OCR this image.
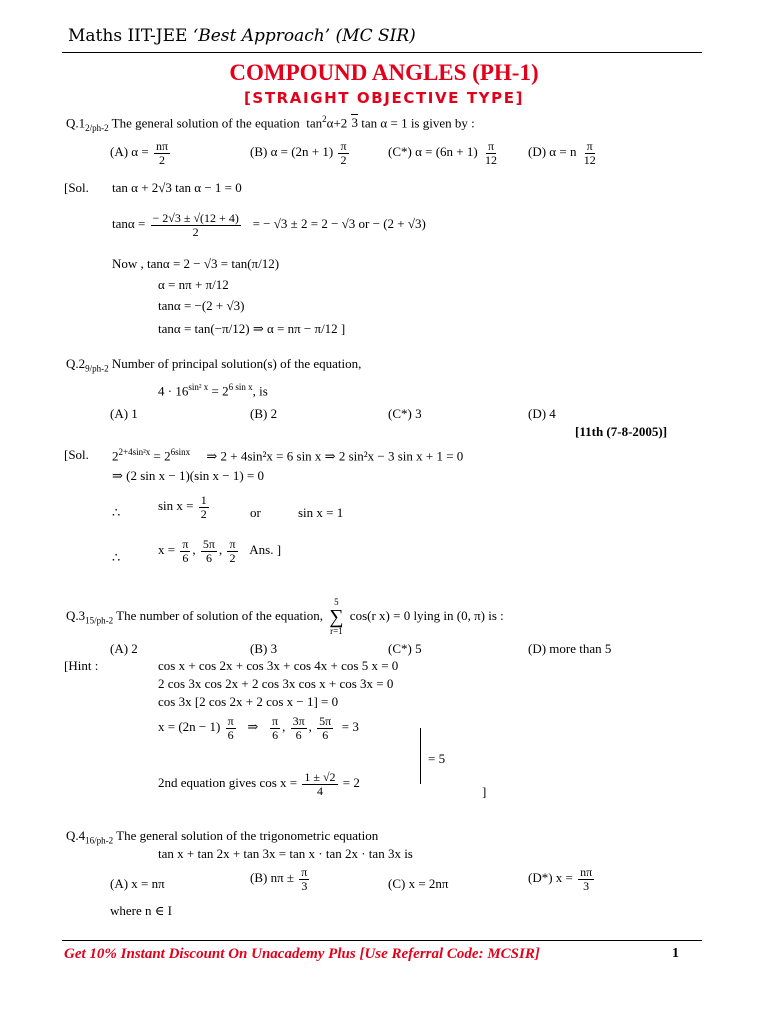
Maths IIT-JEE ‘Best Approach’ (MC SIR)
COMPOUND ANGLES (PH-1)
[STRAIGHT OBJECTIVE TYPE]
$Q.1_{2/ph-2}$ The general solution of the equation  $\tan^2\alpha+2$ 3 tan α = 1 is given by :
(A) $\alpha = \frac{n\pi}{2}$	(B) $\alpha = (2n + 1) \frac{\pi}{2}$	(C*) $\alpha = (6n + 1) \frac{\pi}{12} (D) \alpha = n \frac{\pi}{12}$
[Sol. tan α + 2√3 tan α − 1 = 0
$\tan\alpha = \frac{- 2√3 \pm √(12 + 4)}{2}$ = − √3 ± 2 = 2 − √3 or − (2 + √3)
Now , tanα = 2 − √3 = tan(π/12)
α = nπ + π/12
tanα = −(2 + √3)
tanα = tan(−π/12) ⇒ α = nπ − π/12 ]
$Q.2_{9/ph-2}$ Number of principal solution(s) of the equation,
$4 \cdot 16^{sin^2 x} = 2^{6 sin x}$, is
(A) 1	(B) 2	(C*) 3	(D) 4
[11th (7-8-2005)]
[Sol. $2^{2+4sin^2x} = 2^{6sinx}$ ⇒ 2 + 4sin²x = 6 sin x ⇒ 2 sin²x − 3 sin x + 1 = 0
⇒ (2 sin x − 1)(sin x − 1) = 0
∴	$\sin x = \frac{1}{2}$	or	sin x = 1
∴
$x = \frac{\pi}{6}$ , $\frac{5\pi}{6}$ , $\frac{\pi}{2}$ Ans. ]
$Q.3_{15/ph-2}$ The number of solution of the equation,
5
∑
r=1
cos(r x) = 0 lying in (0, π) is :
(A) 2	(B) 3	(C*) 5	(D) more than 5
[Hint :	cos x + cos 2x + cos 3x + cos 4x + cos 5 x = 0
2 cos 3x cos 2x + 2 cos 3x cos x + cos 3x = 0
cos 3x [2 cos 2x + 2 cos x − 1] = 0
$x = (2n - 1) \frac{\pi}{6}$ ⇒ $\frac{\pi}{6}$ , $\frac{3\pi}{6}$ , $\frac{5\pi}{6} = 3$
= 5
2nd equation gives $\cos x = \frac{1 \pm √2}{4} = 2$
]
$Q.4_{16/ph-2}$ The general solution of the trigonometric equation
tan x + tan 2x + tan 3x = tan x · tan 2x · tan 3x is
(A) x = nπ	(B) $n\pi \pm \frac{\pi}{3}$	(C) x = 2nπ	(D*) $x = \frac{n\pi}{3}$
where n ∈ I
Get 10% Instant Discount On Unacademy Plus [Use Referral Code: MCSIR]	1
